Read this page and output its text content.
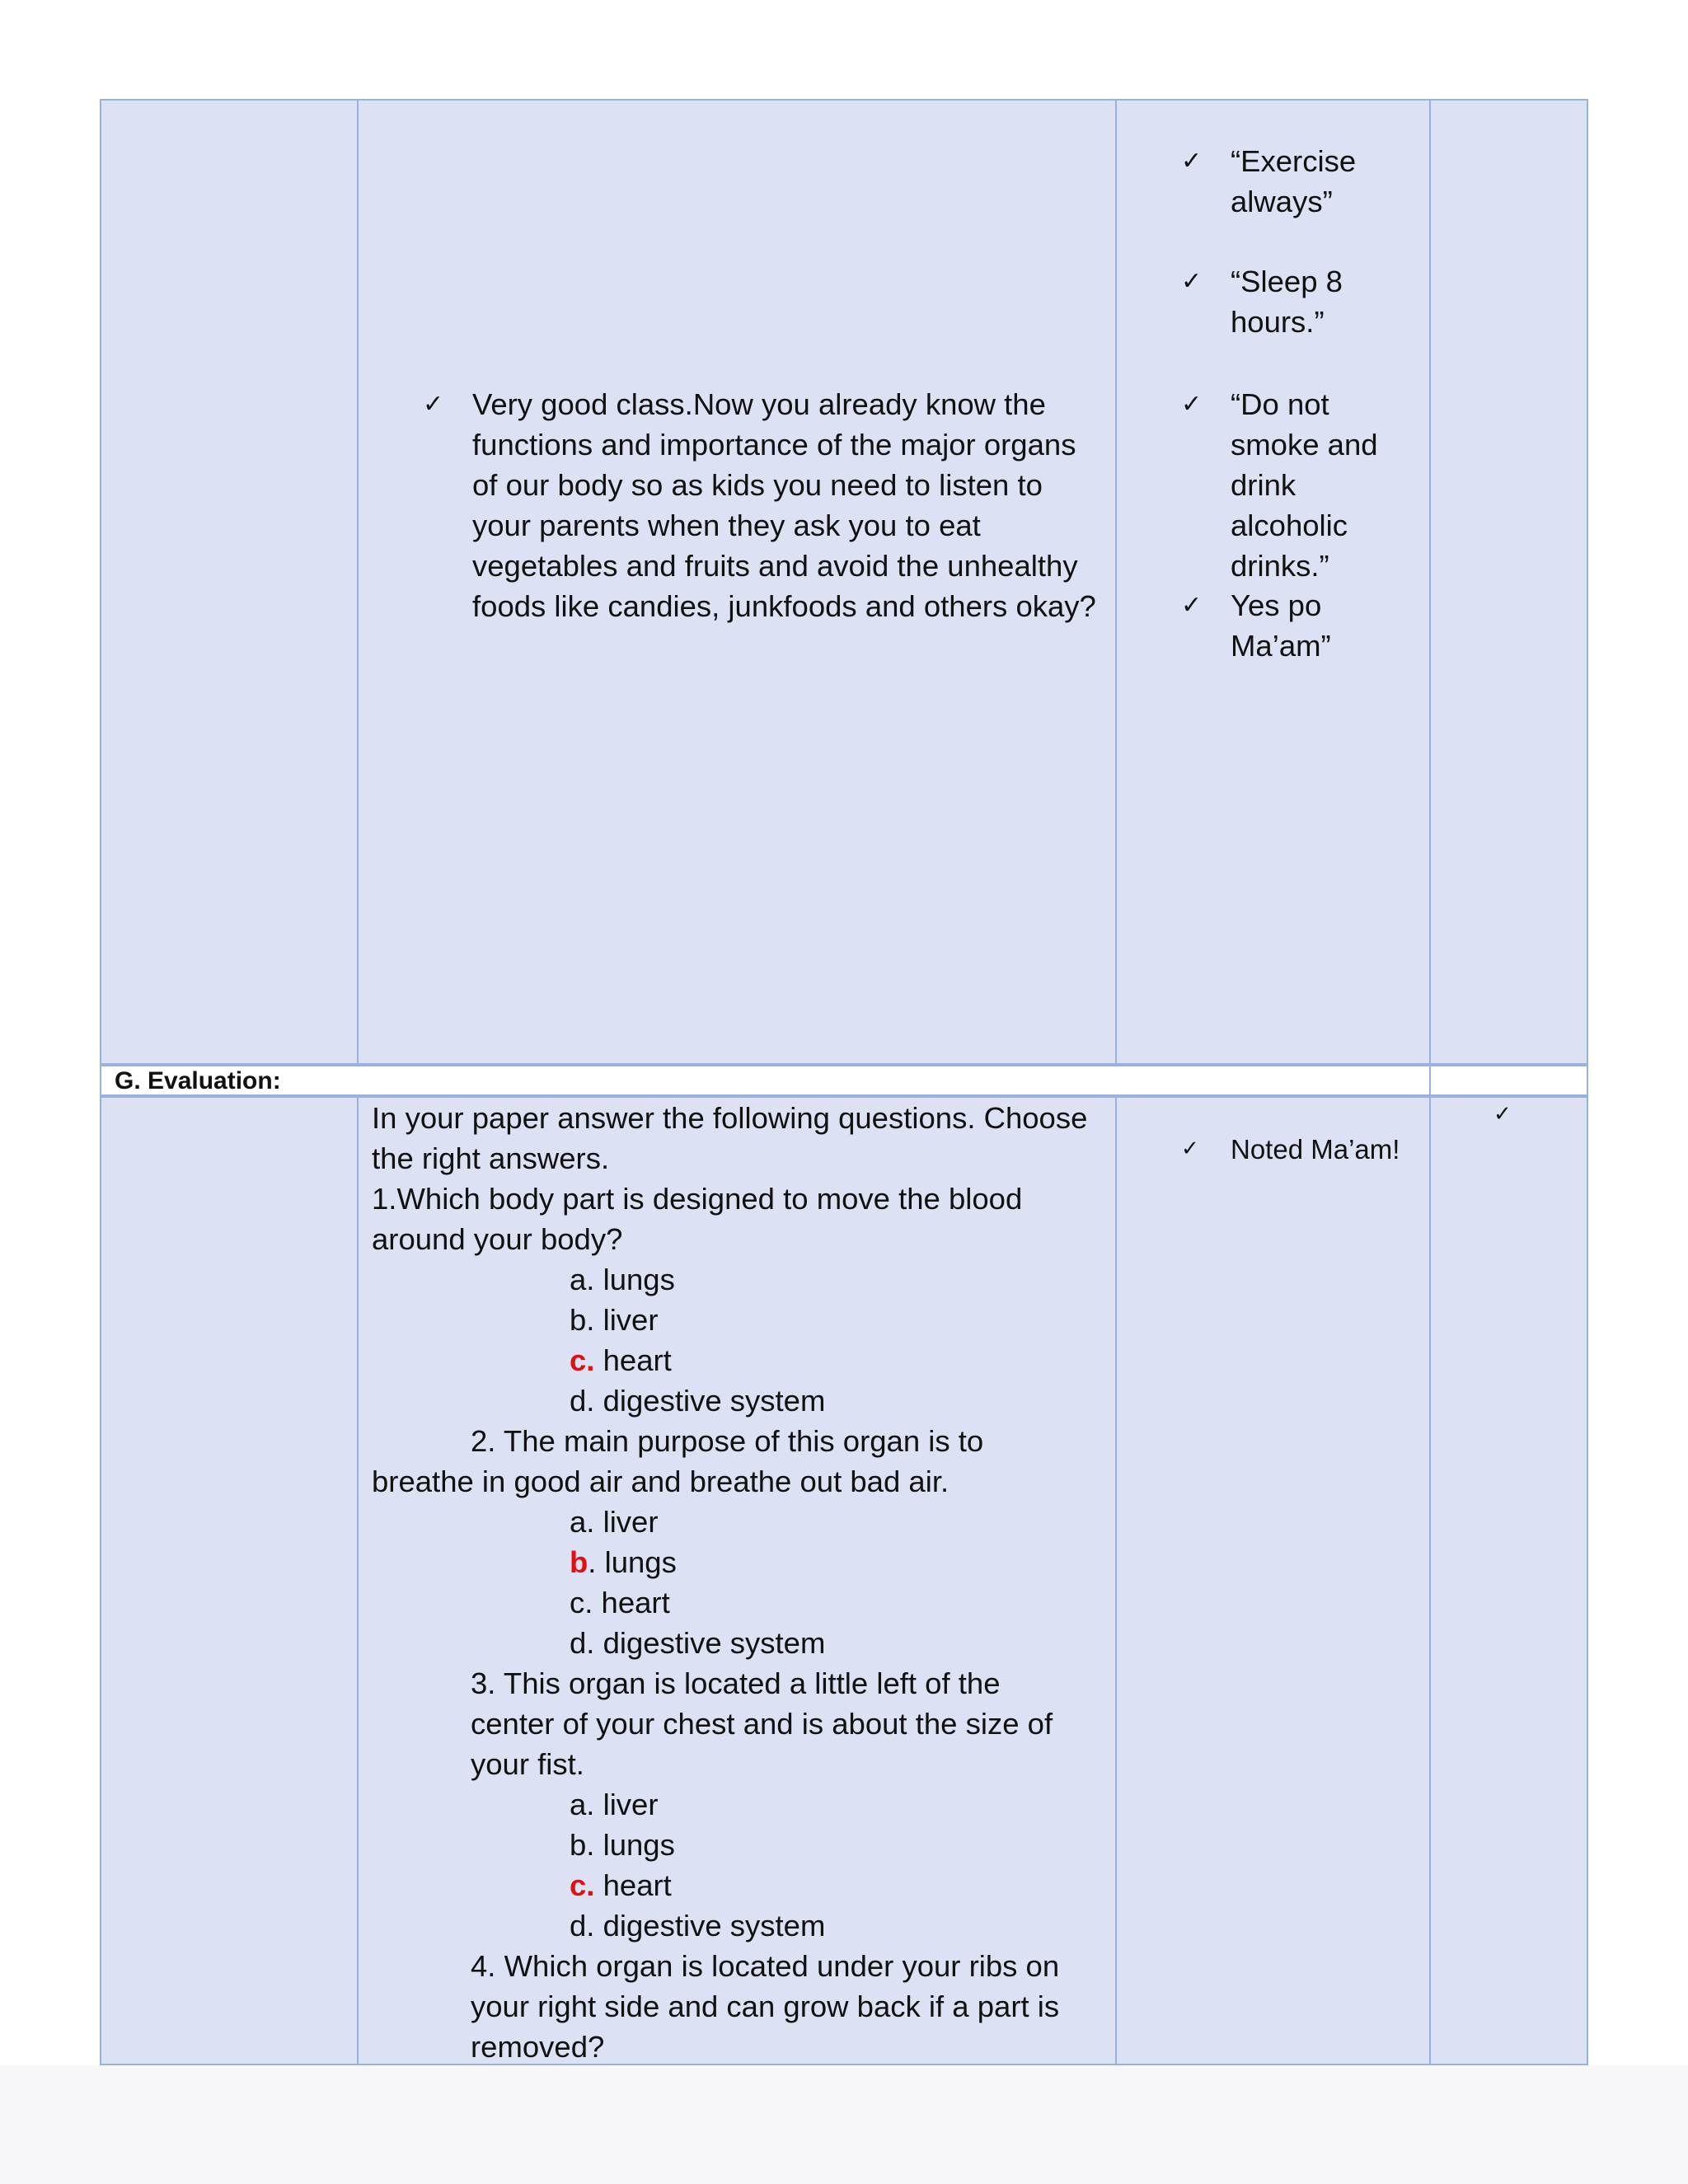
✓ Very good class.Now you already know the
functions and importance of the major organs
of our body so as kids you need to listen to
your parents when they ask you to eat
vegetables and fruits and avoid the unhealthy
foods like candies, junkfoods and others okay?
✓ “Exercise
always”
✓ “Sleep 8
hours.”
✓ “Do not
smoke and
drink
alcoholic
drinks.”
✓ Yes po
Ma’am”
G. Evaluation:
In your paper answer the following questions. Choose
the right answers.
1.Which body part is designed to move the blood
around your body?
a. lungs
b. liver
c. heart
d. digestive system
2. The main purpose of this organ is to
breathe in good air and breathe out bad air.
a. liver
b. lungs
c. heart
d. digestive system
3. This organ is located a little left of the
center of your chest and is about the size of
your fist.
a. liver
b. lungs
c. heart
d. digestive system
4. Which organ is located under your ribs on
your right side and can grow back if a part is
removed?
✓	Noted Ma’am!
✓
